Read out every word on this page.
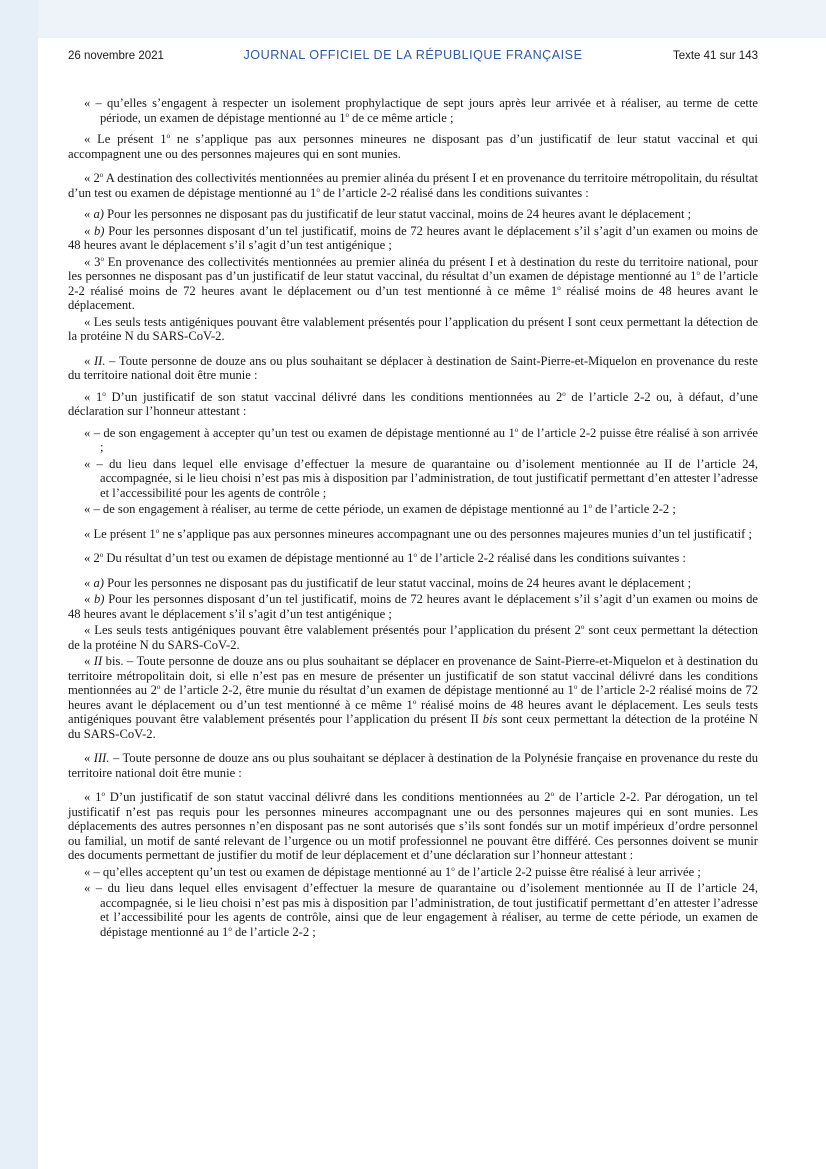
26 novembre 2021	JOURNAL OFFICIEL DE LA RÉPUBLIQUE FRANÇAISE	Texte 41 sur 143

« – qu’elles s’engagent à respecter un isolement prophylactique de sept jours après leur arrivée et à réaliser, au terme de cette période, un examen de dépistage mentionné au 1$^o$ de ce même article ;

« Le présent 1$^o$ ne s’applique pas aux personnes mineures ne disposant pas d’un justificatif de leur statut vaccinal et qui accompagnent une ou des personnes majeures qui en sont munies.

« 2$^o$ A destination des collectivités mentionnées au premier alinéa du présent I et en provenance du territoire métropolitain, du résultat d’un test ou examen de dépistage mentionné au 1$^o$ de l’article 2-2 réalisé dans les conditions suivantes :

« a) Pour les personnes ne disposant pas du justificatif de leur statut vaccinal, moins de 24 heures avant le déplacement ;

« b) Pour les personnes disposant d’un tel justificatif, moins de 72 heures avant le déplacement s’il s’agit d’un examen ou moins de 48 heures avant le déplacement s’il s’agit d’un test antigénique ;

« 3$^o$ En provenance des collectivités mentionnées au premier alinéa du présent I et à destination du reste du territoire national, pour les personnes ne disposant pas d’un justificatif de leur statut vaccinal, du résultat d’un examen de dépistage mentionné au 1$^o$ de l’article 2-2 réalisé moins de 72 heures avant le déplacement ou d’un test mentionné à ce même 1$^o$ réalisé moins de 48 heures avant le déplacement.

« Les seuls tests antigéniques pouvant être valablement présentés pour l’application du présent I sont ceux permettant la détection de la protéine N du SARS-CoV-2.

« II. – Toute personne de douze ans ou plus souhaitant se déplacer à destination de Saint-Pierre-et-Miquelon en provenance du reste du territoire national doit être munie :

« 1$^o$ D’un justificatif de son statut vaccinal délivré dans les conditions mentionnées au 2$^o$ de l’article 2-2 ou, à défaut, d’une déclaration sur l’honneur attestant :

« – de son engagement à accepter qu’un test ou examen de dépistage mentionné au 1$^o$ de l’article 2-2 puisse être réalisé à son arrivée ;

« – du lieu dans lequel elle envisage d’effectuer la mesure de quarantaine ou d’isolement mentionnée au II de l’article 24, accompagnée, si le lieu choisi n’est pas mis à disposition par l’administration, de tout justificatif permettant d’en attester l’adresse et l’accessibilité pour les agents de contrôle ;

« – de son engagement à réaliser, au terme de cette période, un examen de dépistage mentionné au 1$^o$ de l’article 2-2 ;

« Le présent 1$^o$ ne s’applique pas aux personnes mineures accompagnant une ou des personnes majeures munies d’un tel justificatif ;

« 2$^o$ Du résultat d’un test ou examen de dépistage mentionné au 1$^o$ de l’article 2-2 réalisé dans les conditions suivantes :

« a) Pour les personnes ne disposant pas du justificatif de leur statut vaccinal, moins de 24 heures avant le déplacement ;

« b) Pour les personnes disposant d’un tel justificatif, moins de 72 heures avant le déplacement s’il s’agit d’un examen ou moins de 48 heures avant le déplacement s’il s’agit d’un test antigénique ;

« Les seuls tests antigéniques pouvant être valablement présentés pour l’application du présent 2$^o$ sont ceux permettant la détection de la protéine N du SARS-CoV-2.

« II bis. – Toute personne de douze ans ou plus souhaitant se déplacer en provenance de Saint-Pierre-et-Miquelon et à destination du territoire métropolitain doit, si elle n’est pas en mesure de présenter un justificatif de son statut vaccinal délivré dans les conditions mentionnées au 2$^o$ de l’article 2-2, être munie du résultat d’un examen de dépistage mentionné au 1$^o$ de l’article 2-2 réalisé moins de 72 heures avant le déplacement ou d’un test mentionné à ce même 1$^o$ réalisé moins de 48 heures avant le déplacement. Les seuls tests antigéniques pouvant être valablement présentés pour l’application du présent II bis sont ceux permettant la détection de la protéine N du SARS-CoV-2.

« III. – Toute personne de douze ans ou plus souhaitant se déplacer à destination de la Polynésie française en provenance du reste du territoire national doit être munie :

« 1$^o$ D’un justificatif de son statut vaccinal délivré dans les conditions mentionnées au 2$^o$ de l’article 2-2. Par dérogation, un tel justificatif n’est pas requis pour les personnes mineures accompagnant une ou des personnes majeures qui en sont munies. Les déplacements des autres personnes n’en disposant pas ne sont autorisés que s’ils sont fondés sur un motif impérieux d’ordre personnel ou familial, un motif de santé relevant de l’urgence ou un motif professionnel ne pouvant être différé. Ces personnes doivent se munir des documents permettant de justifier du motif de leur déplacement et d’une déclaration sur l’honneur attestant :

« – qu’elles acceptent qu’un test ou examen de dépistage mentionné au 1$^o$ de l’article 2-2 puisse être réalisé à leur arrivée ;

« – du lieu dans lequel elles envisagent d’effectuer la mesure de quarantaine ou d’isolement mentionnée au II de l’article 24, accompagnée, si le lieu choisi n’est pas mis à disposition par l’administration, de tout justificatif permettant d’en attester l’adresse et l’accessibilité pour les agents de contrôle, ainsi que de leur engagement à réaliser, au terme de cette période, un examen de dépistage mentionné au 1$^o$ de l’article 2-2 ;
